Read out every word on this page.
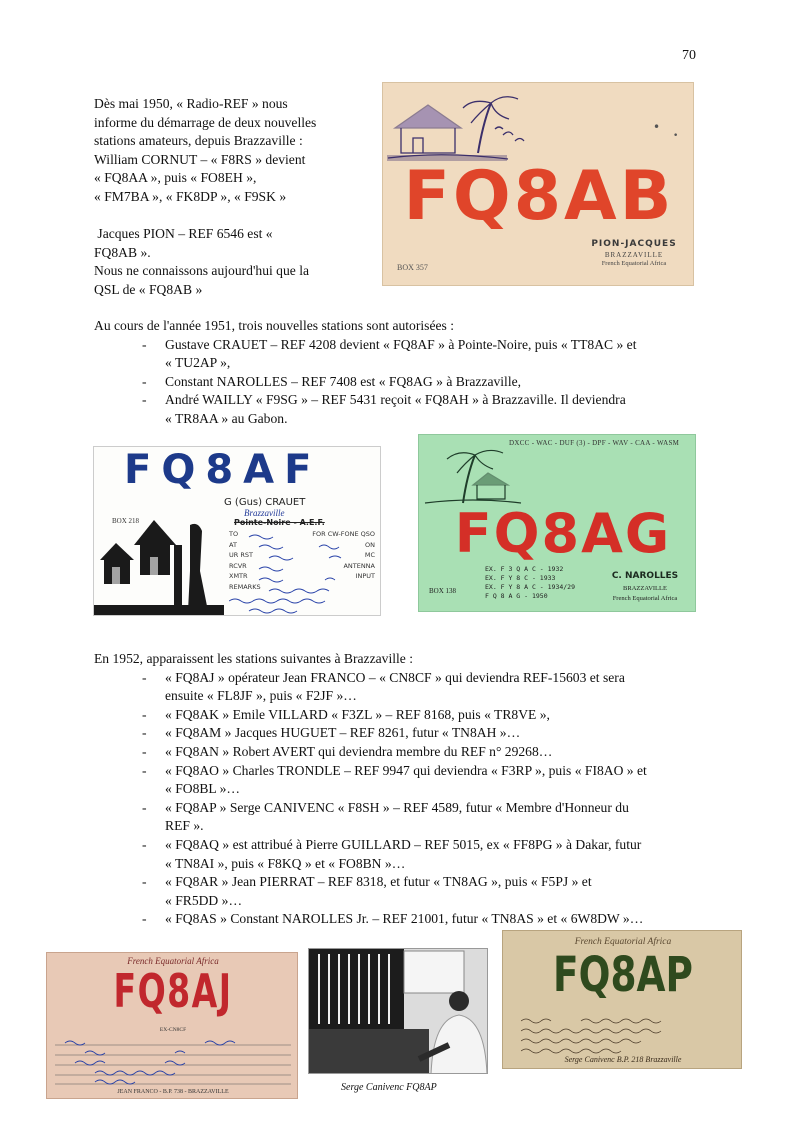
70
Dès mai 1950, « Radio-REF » nous
informe du démarrage de deux nouvelles
stations amateurs, depuis Brazzaville :
William CORNUT – « F8RS » devient
« FQ8AA », puis « FO8EH »,
« FM7BA », « FK8DP », « F9SK »
Jacques PION – REF 6546 est «
FQ8AB ».
Nous ne connaissons aujourd'hui que la
QSL de « FQ8AB »
•
•
FQ8AB
BOX 357
PION-JACQUES
BRAZZAVILLE
French Equatorial Africa
Au cours de l'année 1951, trois nouvelles stations sont autorisées :
- Gustave CRAUET – REF 4208 devient « FQ8AF » à Pointe-Noire, puis « TT8AC » et
« TU2AP »,
- Constant NAROLLES – REF 7408 est « FQ8AG » à Brazzaville,
- André WAILLY « F9SG » – REF 5431 reçoit « FQ8AH » à Brazzaville. Il deviendra
« TR8AA » au Gabon.
FQ8AF
G (Gus) CRAUET
Brazzaville
Pointe-Noire - A.E.F.
BOX 218
TO	FOR CW-FONE QSO
AT	ON
UR RST	MC
RCVR	ANTENNA
XMTR	INPUT
REMARKS
DXCC - WAC - DUF (3) - DPF - WAV - CAA - WASM
FQ8AG
EX. F 3 Q A C - 1932
EX. F Y 8 C - 1933
EX. F Y 8 A C - 1934/29
F Q 8 A G - 1950
BOX 138
C. NAROLLES
BRAZZAVILLE
French Equatorial Africa
En 1952, apparaissent les stations suivantes à Brazzaville :
- « FQ8AJ » opérateur Jean FRANCO – « CN8CF » qui deviendra REF-15603 et sera
ensuite « FL8JF », puis « F2JF »…
- « FQ8AK » Emile VILLARD « F3ZL » – REF 8168, puis « TR8VE »,
- « FQ8AM » Jacques HUGUET – REF 8261, futur « TN8AH »…
- « FQ8AN » Robert AVERT qui deviendra membre du REF n° 29268…
- « FQ8AO » Charles TRONDLE – REF 9947 qui deviendra « F3RP », puis « FI8AO » et
« FO8BL »…
- « FQ8AP » Serge CANIVENC « F8SH » – REF 4589, futur « Membre d'Honneur du
REF ».
- « FQ8AQ » est attribué à Pierre GUILLARD – REF 5015, ex « FF8PG » à Dakar, futur
« TN8AI », puis « F8KQ » et « FO8BN »…
- « FQ8AR » Jean PIERRAT – REF 8318, et futur « TN8AG », puis « F5PJ » et
« FR5DD »…
- « FQ8AS » Constant NAROLLES Jr. – REF 21001, futur « TN8AS » et « 6W8DW »…
French Equatorial Africa
FQ8AJ
EX-CN8CF
JEAN FRANCO - B.P. 738 - BRAZZAVILLE	Serge Canivenc FQ8AP
French Equatorial Africa
FQ8AP
Serge Canivenc B.P. 218 Brazzaville
